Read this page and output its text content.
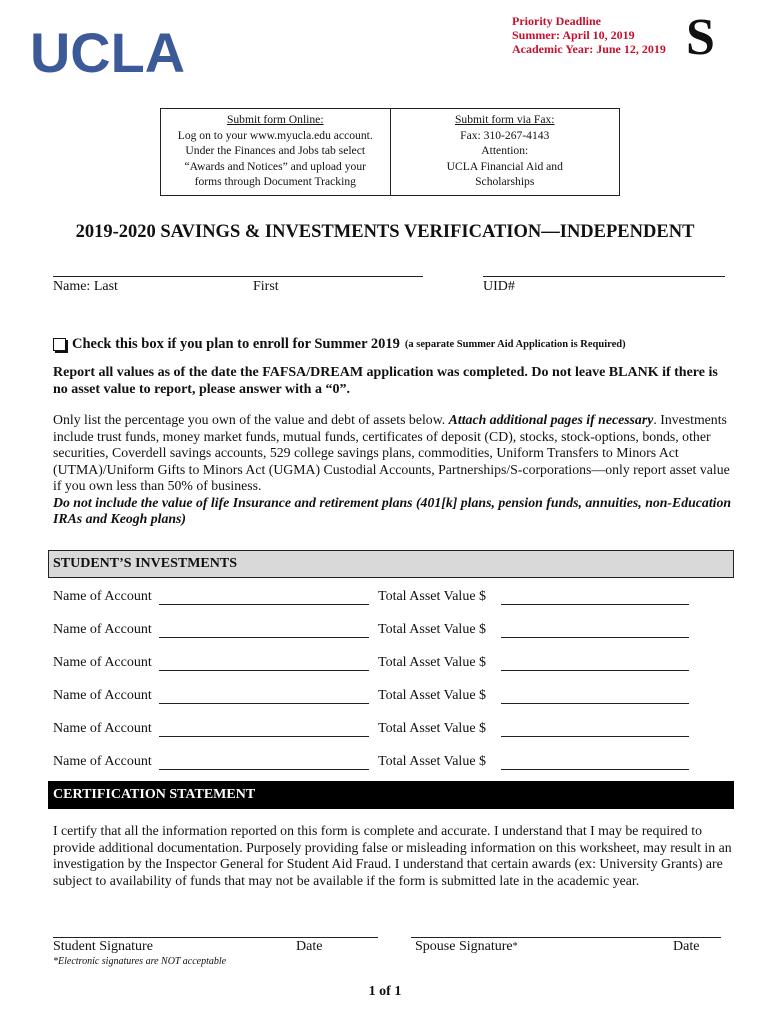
UCLA	Priority Deadline
Summer: April 10, 2019
Academic Year: June 12, 2019 S
Submit form Online:
Log on to your www.myucla.edu account.
Under the Finances and Jobs tab select
“Awards and Notices” and upload your
forms through Document Tracking
Submit form via Fax:
Fax: 310-267-4143
Attention:
UCLA Financial Aid and
Scholarships
2019-2020 SAVINGS & INVESTMENTS VERIFICATION—INDEPENDENT
Name: Last	First	UID#
Check this box if you plan to enroll for Summer 2019 (a separate Summer Aid Application is Required)
Report all values as of the date the FAFSA/DREAM application was completed. Do not leave BLANK if there is no asset value to report, please answer with a “0”.
Only list the percentage you own of the value and debt of assets below. Attach additional pages if necessary. Investments include trust funds, money market funds, mutual funds, certificates of deposit (CD), stocks, stock-options, bonds, other securities, Coverdell savings accounts, 529 college savings plans, commodities, Uniform Transfers to Minors Act (UTMA)/Uniform Gifts to Minors Act (UGMA) Custodial Accounts, Partnerships/S-corporations—only report asset value if you own less than 50% of business.
Do not include the value of life Insurance and retirement plans (401[k] plans, pension funds, annuities, non-Education IRAs and Keogh plans)
STUDENT’S INVESTMENTS
Name of Account	Total Asset Value $
Name of Account	Total Asset Value $
Name of Account	Total Asset Value $
Name of Account	Total Asset Value $
Name of Account	Total Asset Value $
Name of Account	Total Asset Value $
CERTIFICATION STATEMENT
I certify that all the information reported on this form is complete and accurate. I understand that I may be required to provide additional documentation. Purposely providing false or misleading information on this worksheet, may result in an investigation by the Inspector General for Student Aid Fraud. I understand that certain awards (ex: University Grants) are subject to availability of funds that may not be available if the form is submitted late in the academic year.
Student Signature	Date	Spouse Signature*	Date
*Electronic signatures are NOT acceptable
1 of 1
